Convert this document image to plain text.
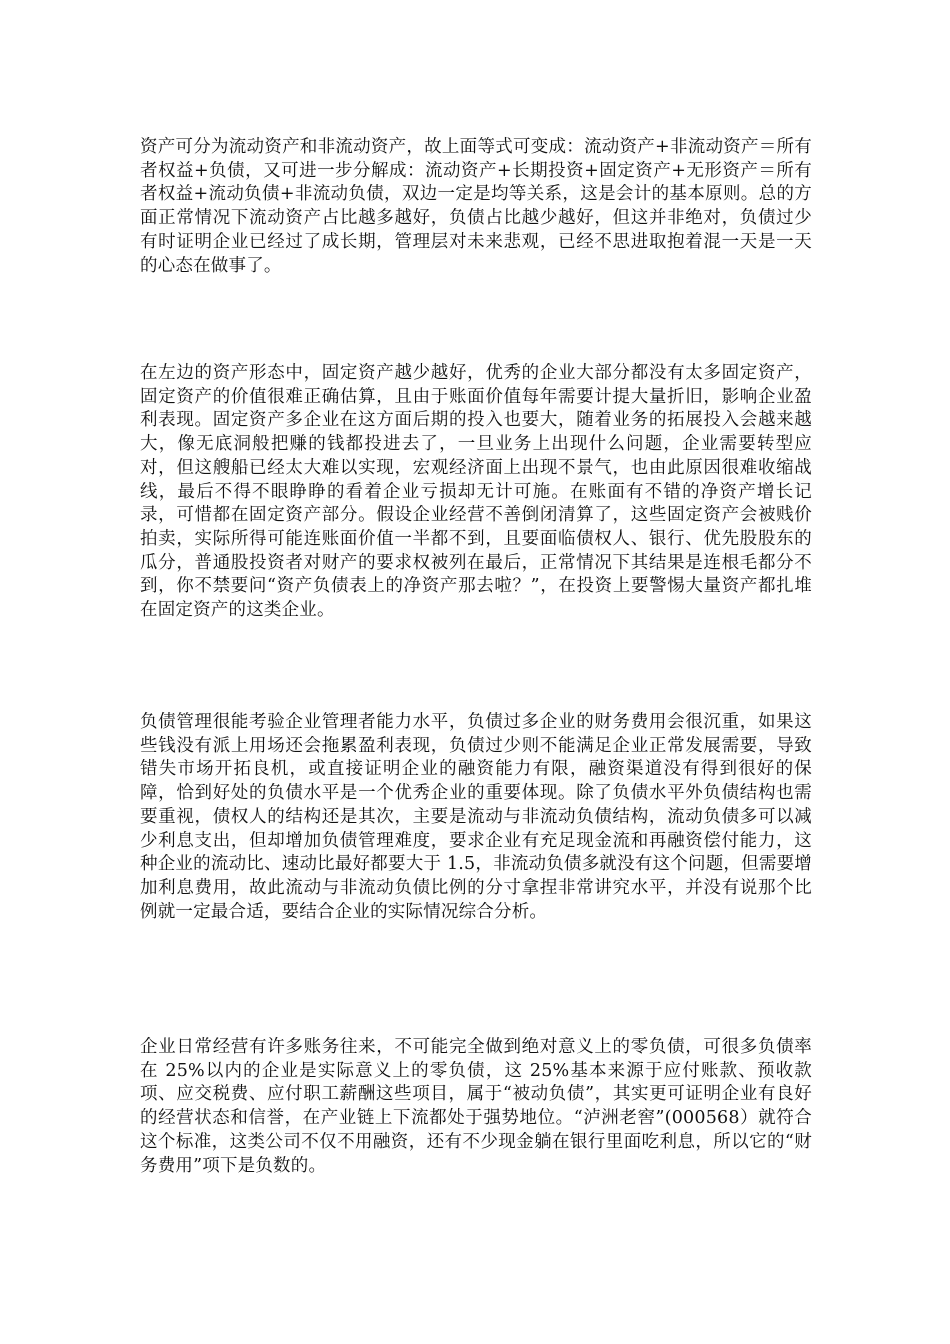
资产可分为流动资产和非流动资产，故上面等式可变成：流动资产+非流动资产＝所有者权益+负债，又可进一步分解成：流动资产+长期投资+固定资产+无形资产＝所有者权益+流动负债+非流动负债，双边一定是均等关系，这是会计的基本原则。总的方面正常情况下流动资产占比越多越好，负债占比越少越好，但这并非绝对，负债过少有时证明企业已经过了成长期，管理层对未来悲观，已经不思进取抱着混一天是一天的心态在做事了。

在左边的资产形态中，固定资产越少越好，优秀的企业大部分都没有太多固定资产，固定资产的价值很难正确估算，且由于账面价值每年需要计提大量折旧，影响企业盈利表现。固定资产多企业在这方面后期的投入也要大，随着业务的拓展投入会越来越大，像无底洞般把赚的钱都投进去了，一旦业务上出现什么问题，企业需要转型应对，但这艘船已经太大难以实现，宏观经济面上出现不景气，也由此原因很难收缩战线，最后不得不眼睁睁的看着企业亏损却无计可施。在账面有不错的净资产增长记录，可惜都在固定资产部分。假设企业经营不善倒闭清算了，这些固定资产会被贱价拍卖，实际所得可能连账面价值一半都不到，且要面临债权人、银行、优先股股东的瓜分，普通股投资者对财产的要求权被列在最后，正常情况下其结果是连根毛都分不到，你不禁要问“资产负债表上的净资产那去啦？”，在投资上要警惕大量资产都扎堆在固定资产的这类企业。

负债管理很能考验企业管理者能力水平，负债过多企业的财务费用会很沉重，如果这些钱没有派上用场还会拖累盈利表现，负债过少则不能满足企业正常发展需要，导致错失市场开拓良机，或直接证明企业的融资能力有限，融资渠道没有得到很好的保障，恰到好处的负债水平是一个优秀企业的重要体现。除了负债水平外负债结构也需要重视，债权人的结构还是其次，主要是流动与非流动负债结构，流动负债多可以减少利息支出，但却增加负债管理难度，要求企业有充足现金流和再融资偿付能力，这种企业的流动比、速动比最好都要大于 1.5，非流动负债多就没有这个问题，但需要增加利息费用，故此流动与非流动负债比例的分寸拿捏非常讲究水平，并没有说那个比例就一定最合适，要结合企业的实际情况综合分析。

企业日常经营有许多账务往来，不可能完全做到绝对意义上的零负债，可很多负债率在 25%以内的企业是实际意义上的零负债，这 25%基本来源于应付账款、预收款项、应交税费、应付职工薪酬这些项目，属于“被动负债”，其实更可证明企业有良好的经营状态和信誉，在产业链上下流都处于强势地位。“泸洲老窖”(000568）就符合这个标准，这类公司不仅不用融资，还有不少现金躺在银行里面吃利息，所以它的“财务费用”项下是负数的。
